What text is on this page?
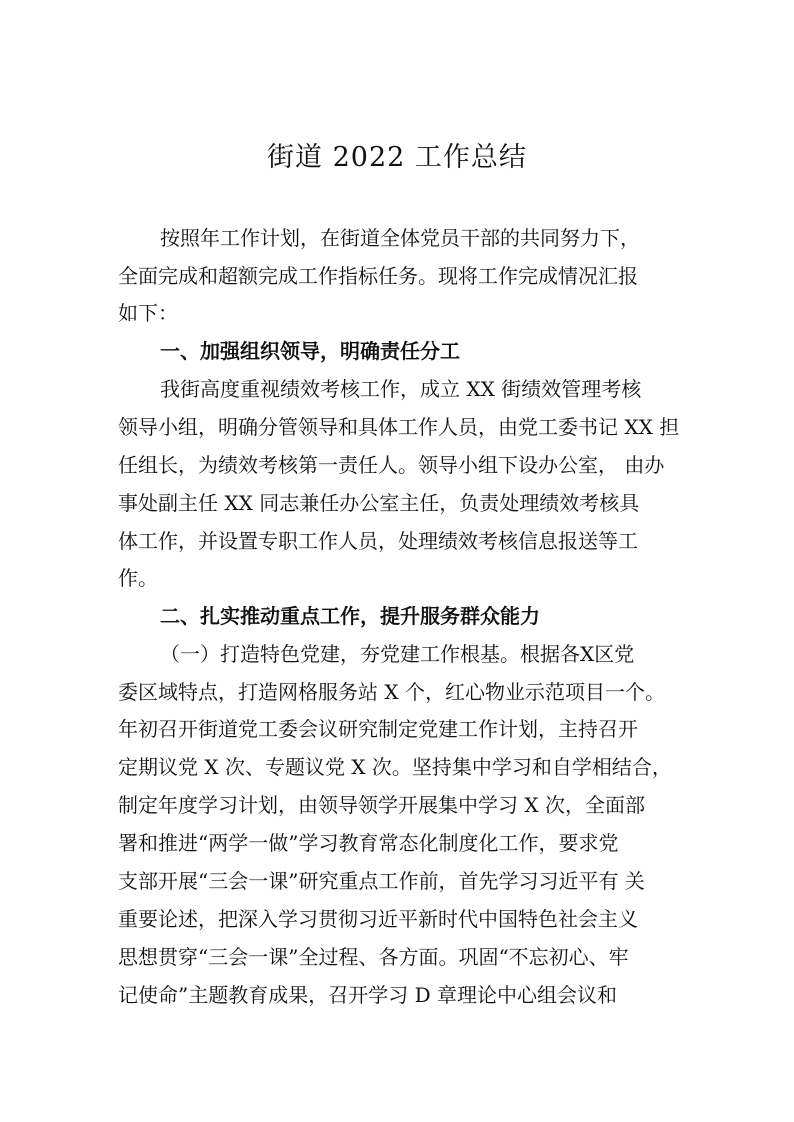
街道 2022 工作总结
按照年工作计划，在街道全体党员干部的共同努力下，
全面完成和超额完成工作指标任务。现将工作完成情况汇报
如下：
一、加强组织领导，明确责任分工
我街高度重视绩效考核工作，成立 XX 街绩效管理考核
领导小组，明确分管领导和具体工作人员，由党工委书记 XX 担
任组长，为绩效考核第一责任人。领导小组下设办公室， 由办
事处副主任 XX 同志兼任办公室主任，负责处理绩效考核具
体工作，并设置专职工作人员，处理绩效考核信息报送等工
作。
二、扎实推动重点工作，提升服务群众能力
（一）打造特色党建，夯党建工作根基。根据各X区党
委区域特点，打造网格服务站 X 个，红心物业示范项目一个。
年初召开街道党工委会议研究制定党建工作计划，主持召开
定期议党 X 次、专题议党 X 次。坚持集中学习和自学相结合，
制定年度学习计划，由领导领学开展集中学习 X 次，全面部
署和推进“两学一做”学习教育常态化制度化工作，要求党
支部开展“三会一课”研究重点工作前，首先学习习近平有 关
重要论述，把深入学习贯彻习近平新时代中国特色社会主义
思想贯穿“三会一课”全过程、各方面。巩固“不忘初心、牢
记使命”主题教育成果，召开学习 D 章理论中心组会议和
